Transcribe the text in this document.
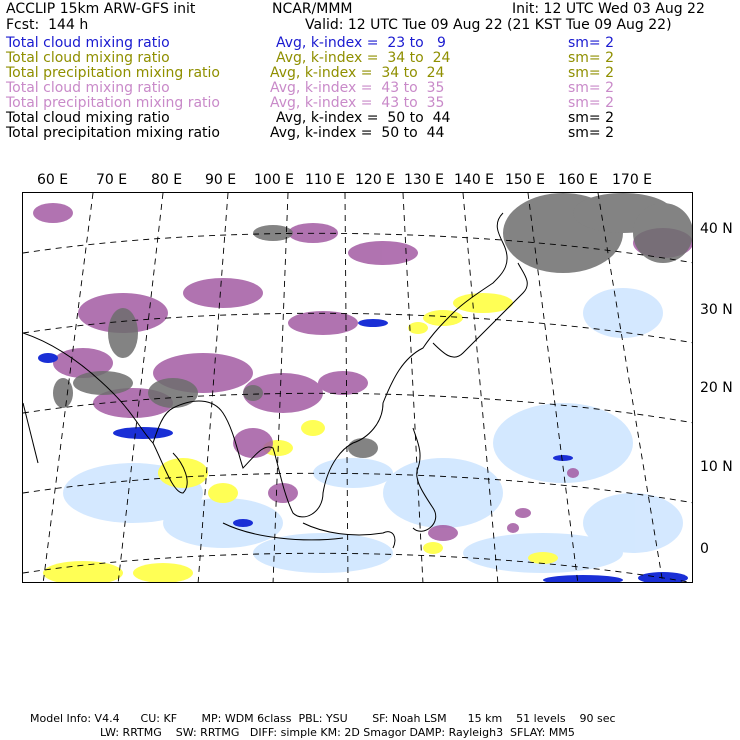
ACCLIP 15km ARW-GFS init	NCAR/MMM	Init: 12 UTC Wed 03 Aug 22
Fcst:  144 h	Valid: 12 UTC Tue 09 Aug 22 (21 KST Tue 09 Aug 22)

Total cloud mixing ratio

	Avg, k-index =  23 to   9

	sm= 2

Total cloud mixing ratio

	Avg, k-index =  34 to  24

	sm= 2

Total precipitation mixing ratio

	Avg, k-index =  34 to  24

	sm= 2

Total cloud mixing ratio

	Avg, k-index =  43 to  35

	sm= 2

Total precipitation mixing ratio

	Avg, k-index =  43 to  35

	sm= 2

Total cloud mixing ratio

	Avg, k-index =  50 to  44

	sm= 2

Total precipitation mixing ratio

	Avg, k-index =  50 to  44

	sm= 2

60 E 70 E 80 E 90 E 100 E 110 E 120 E 130 E 140 E 150 E 160 E 170 E
40 N
30 N
20 N
10 N
0
Model Info: V4.4      CU: KF       MP: WDM 6class  PBL: YSU       SF: Noah LSM      15 km    51 levels    90 sec
LW: RRTMG    SW: RRTMG   DIFF: simple KM: 2D Smagor DAMP: Rayleigh3  SFLAY: MM5
